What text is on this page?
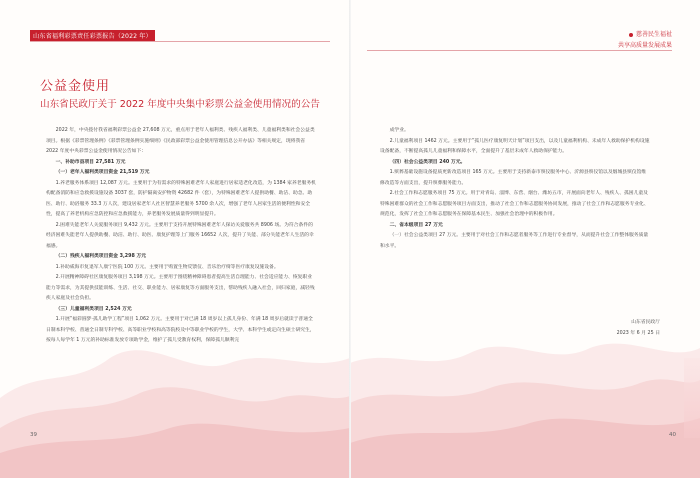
山东省福利彩票责任彩票报告（2022 年）
公益金使用
山东省民政厅关于 2022 年度中央集中彩票公益金使用情况的公告

2022 年，中央拨付我省福利彩票公益金 27,608 万元，重点用于老年人福利类、残疾人福利类、儿童福利类和社会公益类项目。根据《彩票管理条例》《彩票管理条例实施细则》《民政部彩票公益金使用管理信息公开办法》等相关规定，现将我省 2022 年度中央彩票公益金使用情况公告如下：

一、补助市县项目 27,581 万元

（一）老年人福利类项目资金 21,519 万元

1.养老服务体系项目 12,087 万元。主要用于为有需求的特殊困难老年人家庭进行居家适老化改造，为 1384 家养老服务机构配备消防和应急救援设施设备 3037 套，防护隔离安护物资 42682 件（套），为特殊困难老年人提供助餐、助洁、助急、助医、助行、助浴服务 33.3 万人次，建设居家老年人社区智慧养老服务 5700 余人次，增强了老年人居家生活的便利性和安全性，提高了养老机构应急防控和应急救援能力，养老服务发展质量得到明显提升。

2.困难失能老年人关爱服务项目 9,432 万元。主要用于支持开展特殊困难老年人探访关爱服务共 8906 场。为符合条件的经济困难失能老年人提供助餐、助洁、助行、助医、康复护理等上门服务 16652 人次，提升了失能、部分失能老年人生活的幸福感。

（二）残疾人福利类项目资金 3,298 万元

1.补助威海市复退军人康宁医院 100 万元。主要用于购置生物反馈仪、音乐治疗椅等医疗康复设施设备。

2.开展精神障碍社区康复服务项目 3,198 万元。主要用于围绕精神障碍患者提高生活自理能力、社会适应能力、恢复职业能力等需求，为其提供技能训练、生活、社交、职业能力、居家康复等方面服务支出，帮助残疾人融入社会，回归家庭，减轻残疾人家庭及社会负担。

（三）儿童福利类项目 2,524 万元

1.开展“福彩圆梦·孤儿助学工程”项目 1,062 万元。主要用于对已满 18 周岁以上孤儿身份、年满 18 周岁后就读于普通全日制本科学校、普通全日制专科学校、高等职业学校和高等院校及中等职业学校的学生，大学、本科学生或定向生硕士研究生，按每人每学年 1 万元的补助标准发放专项助学金，维护了孤儿受教育权利，保障孤儿顺利完

39
慈善民生福祉
共享高质量发展成果

成学业。

2.儿童福利项目 1462 万元。主要用于“孤儿医疗康复明天计划”项目支出，以及儿童福利机构、未成年人救助保护机构设施设备配备，不断提高孤儿儿童福利和保障水平，全面提升了基层未成年人救助保护能力。

（四）社会公益类项目 240 万元。

1.殡葬基础设施设备提质更新改造项目 165 万元。主要用于支持新泰市殡仪服务中心、沂源县殡仪馆以及烟城县殡仪馆维修改造等方面支出，提升殡葬服务能力。

2.社会工作和志愿服务项目 75 万元。用于对青岛、淄博、东营、烟台、潍坊五市，开展面向老年人、残疾人、孤困儿童及特殊困难群众的社会工作和志愿服务项目方面支出，推动了社会工作和志愿服务协同发展，推动了社会工作和志愿服务专业化、规范化，发挥了社会工作和志愿服务在保障基本民生、加强社会治理中的积极作用。

二、省本级项目 27 万元

（一）社会公益类项目 27 万元。主要用于对社会工作和志愿者服务等工作进行专业督导，从而提升社会工作整体服务质量和水平。

山东省民政厅
2023 年 6 月 25 日
40
